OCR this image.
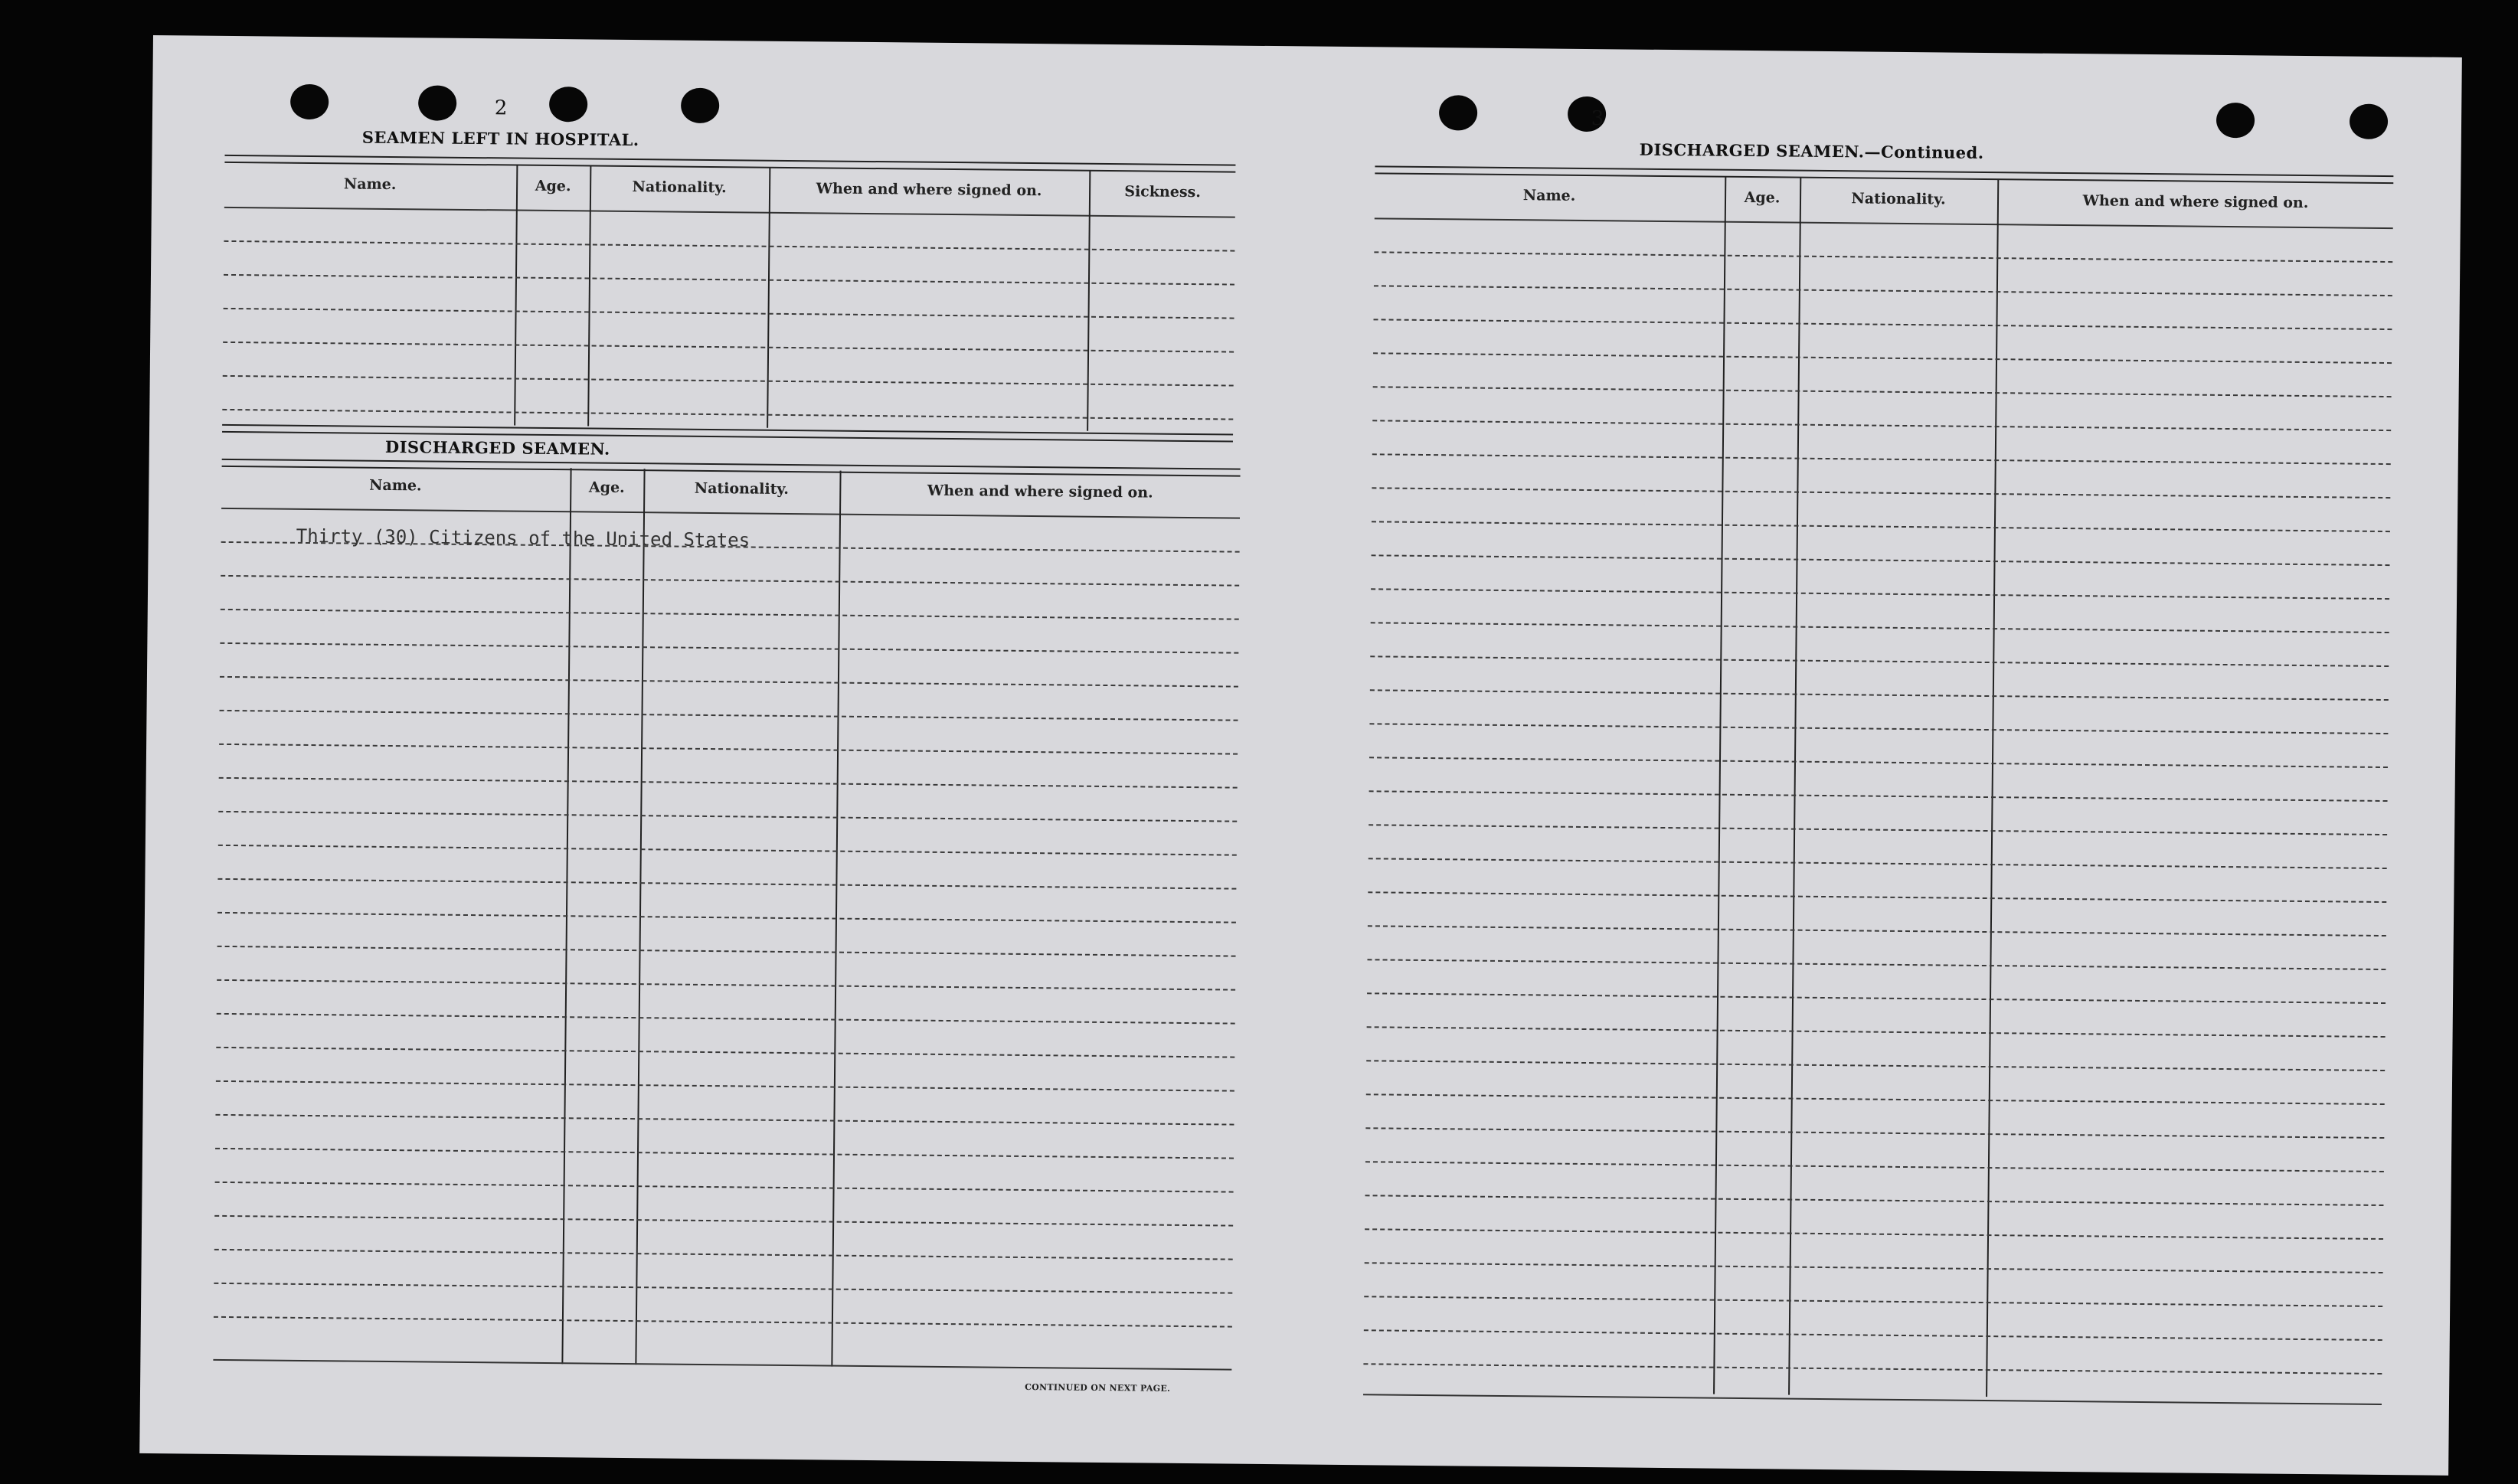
2
SEAMEN LEFT IN HOSPITAL.
Name.	Age.	Nationality.	When and where signed on.	Sickness.
DISCHARGED SEAMEN.
Name.	Age.	Nationality.	When and where signed on.
Thirty (30) Citizens of the United States
CONTINUED ON NEXT PAGE.
3
DISCHARGED SEAMEN.—Continued.
Name.	Age.	Nationality.	When and where signed on.
